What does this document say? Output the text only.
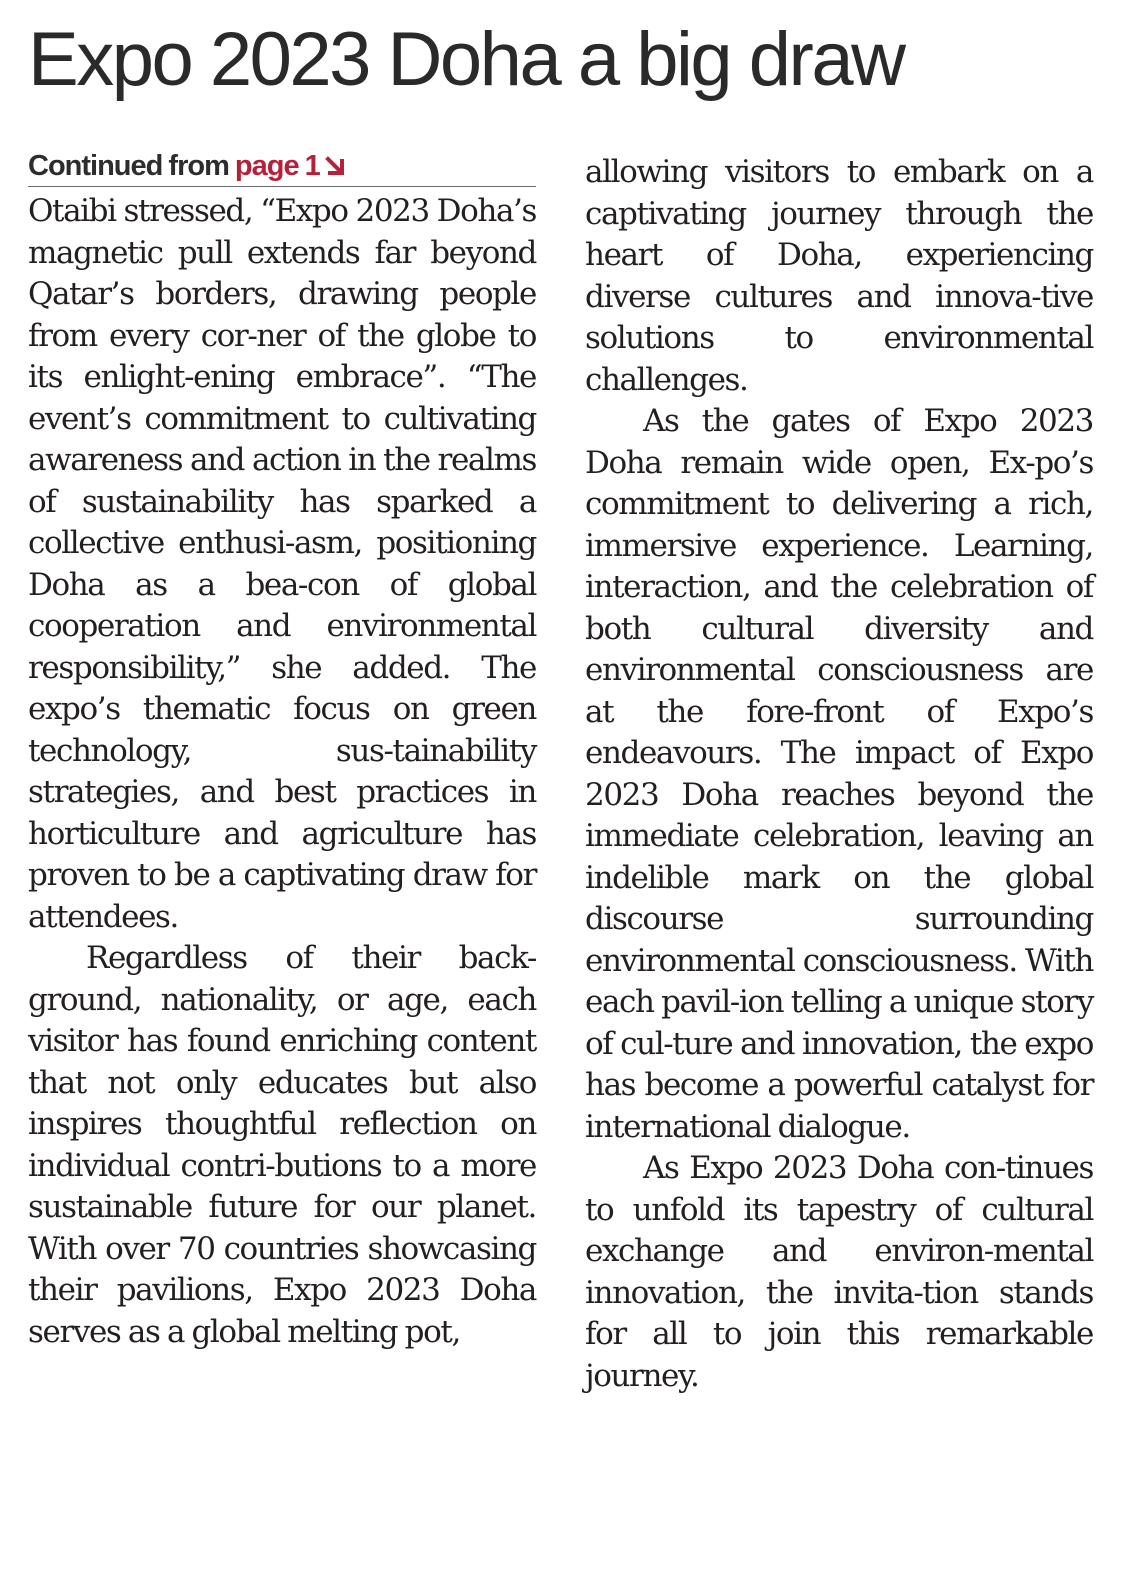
Expo 2023 Doha a big draw
Continued from page 1

Otaibi stressed, “Expo 2023 Doha’s magnetic pull extends far beyond Qatar’s borders, drawing people from every cor-ner of the globe to its enlight-ening embrace”. “The event’s commitment to cultivating awareness and action in the realms of sustainability has sparked a collective enthusi-asm, positioning Doha as a bea-con of global cooperation and environmental responsibility,” she added. The expo’s thematic focus on green technology, sus-tainability strategies, and best practices in horticulture and agriculture has proven to be a captivating draw for attendees.

Regardless of their back-ground, nationality, or age, each visitor has found enriching content that not only educates but also inspires thoughtful reflection on individual contri-butions to a more sustainable future for our planet. With over 70 countries showcasing their pavilions, Expo 2023 Doha serves as a global melting pot,

allowing visitors to embark on a captivating journey through the heart of Doha, experiencing diverse cultures and innova-tive solutions to environmental challenges.

As the gates of Expo 2023 Doha remain wide open, Ex-po’s commitment to delivering a rich, immersive experience. Learning, interaction, and the celebration of both cultural diversity and environmental consciousness are at the fore-front of Expo’s endeavours. The impact of Expo 2023 Doha reaches beyond the immediate celebration, leaving an indelible mark on the global discourse surrounding environmental consciousness. With each pavil-ion telling a unique story of cul-ture and innovation, the expo has become a powerful catalyst for international dialogue.

As Expo 2023 Doha con-tinues to unfold its tapestry of cultural exchange and environ-mental innovation, the invita-tion stands for all to join this remarkable journey.
